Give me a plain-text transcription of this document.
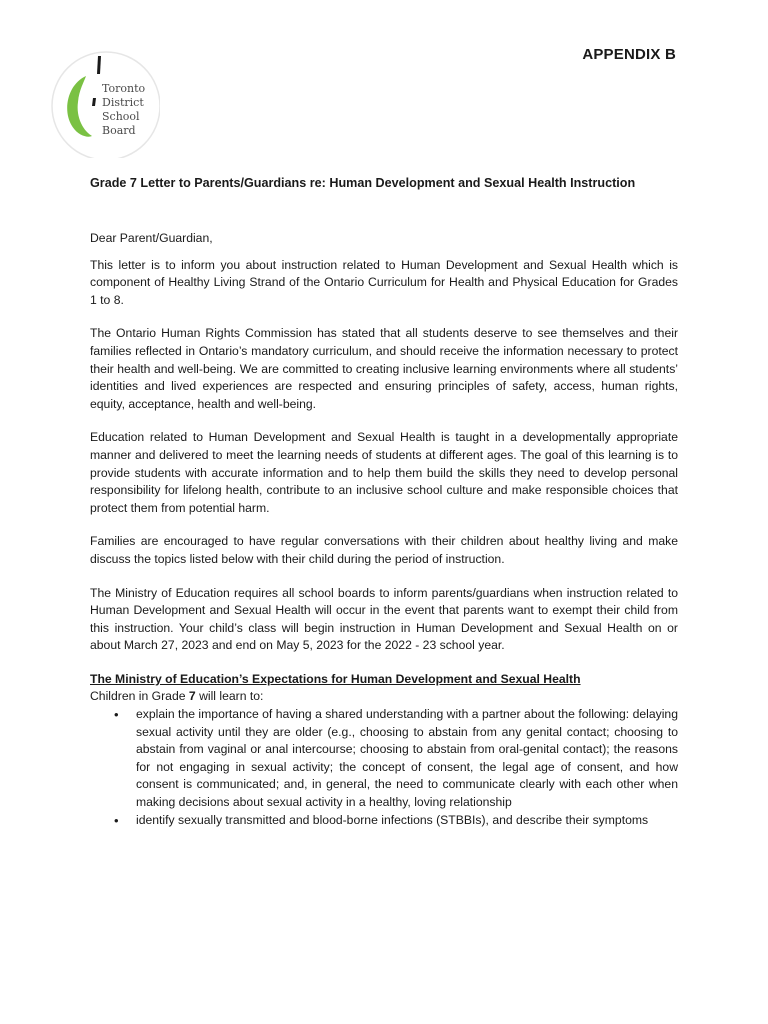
Toronto
District
School
Board
APPENDIX B
Grade 7 Letter to Parents/Guardians re: Human Development and Sexual Health Instruction

Dear Parent/Guardian,

This letter is to inform you about instruction related to Human Development and Sexual Health which is component of Healthy Living Strand of the Ontario Curriculum for Health and Physical Education for Grades 1 to 8.

The Ontario Human Rights Commission has stated that all students deserve to see themselves and their families reflected in Ontario’s mandatory curriculum, and should receive the information necessary to protect their health and well-being. We are committed to creating inclusive learning environments where all students’ identities and lived experiences are respected and ensuring principles of safety, access, human rights, equity, acceptance, health and well-being.

Education related to Human Development and Sexual Health is taught in a developmentally appropriate manner and delivered to meet the learning needs of students at different ages. The goal of this learning is to provide students with accurate information and to help them build the skills they need to develop personal responsibility for lifelong health, contribute to an inclusive school culture and make responsible choices that protect them from potential harm.

Families are encouraged to have regular conversations with their children about healthy living and make discuss the topics listed below with their child during the period of instruction.

The Ministry of Education requires all school boards to inform parents/guardians when instruction related to Human Development and Sexual Health will occur in the event that parents want to exempt their child from this instruction. Your child’s class will begin instruction in Human Development and Sexual Health on or about March 27, 2023 and end on May 5, 2023 for the 2022 - 23 school year.

The Ministry of Education’s Expectations for Human Development and Sexual Health

Children in Grade 7 will learn to:

• explain the importance of having a shared understanding with a partner about the following: delaying sexual activity until they are older (e.g., choosing to abstain from any genital contact; choosing to abstain from vaginal or anal intercourse; choosing to abstain from oral-genital contact); the reasons for not engaging in sexual activity; the concept of consent, the legal age of consent, and how consent is communicated; and, in general, the need to communicate clearly with each other when making decisions about sexual activity in a healthy, loving relationship
• identify sexually transmitted and blood-borne infections (STBBIs), and describe their symptoms
